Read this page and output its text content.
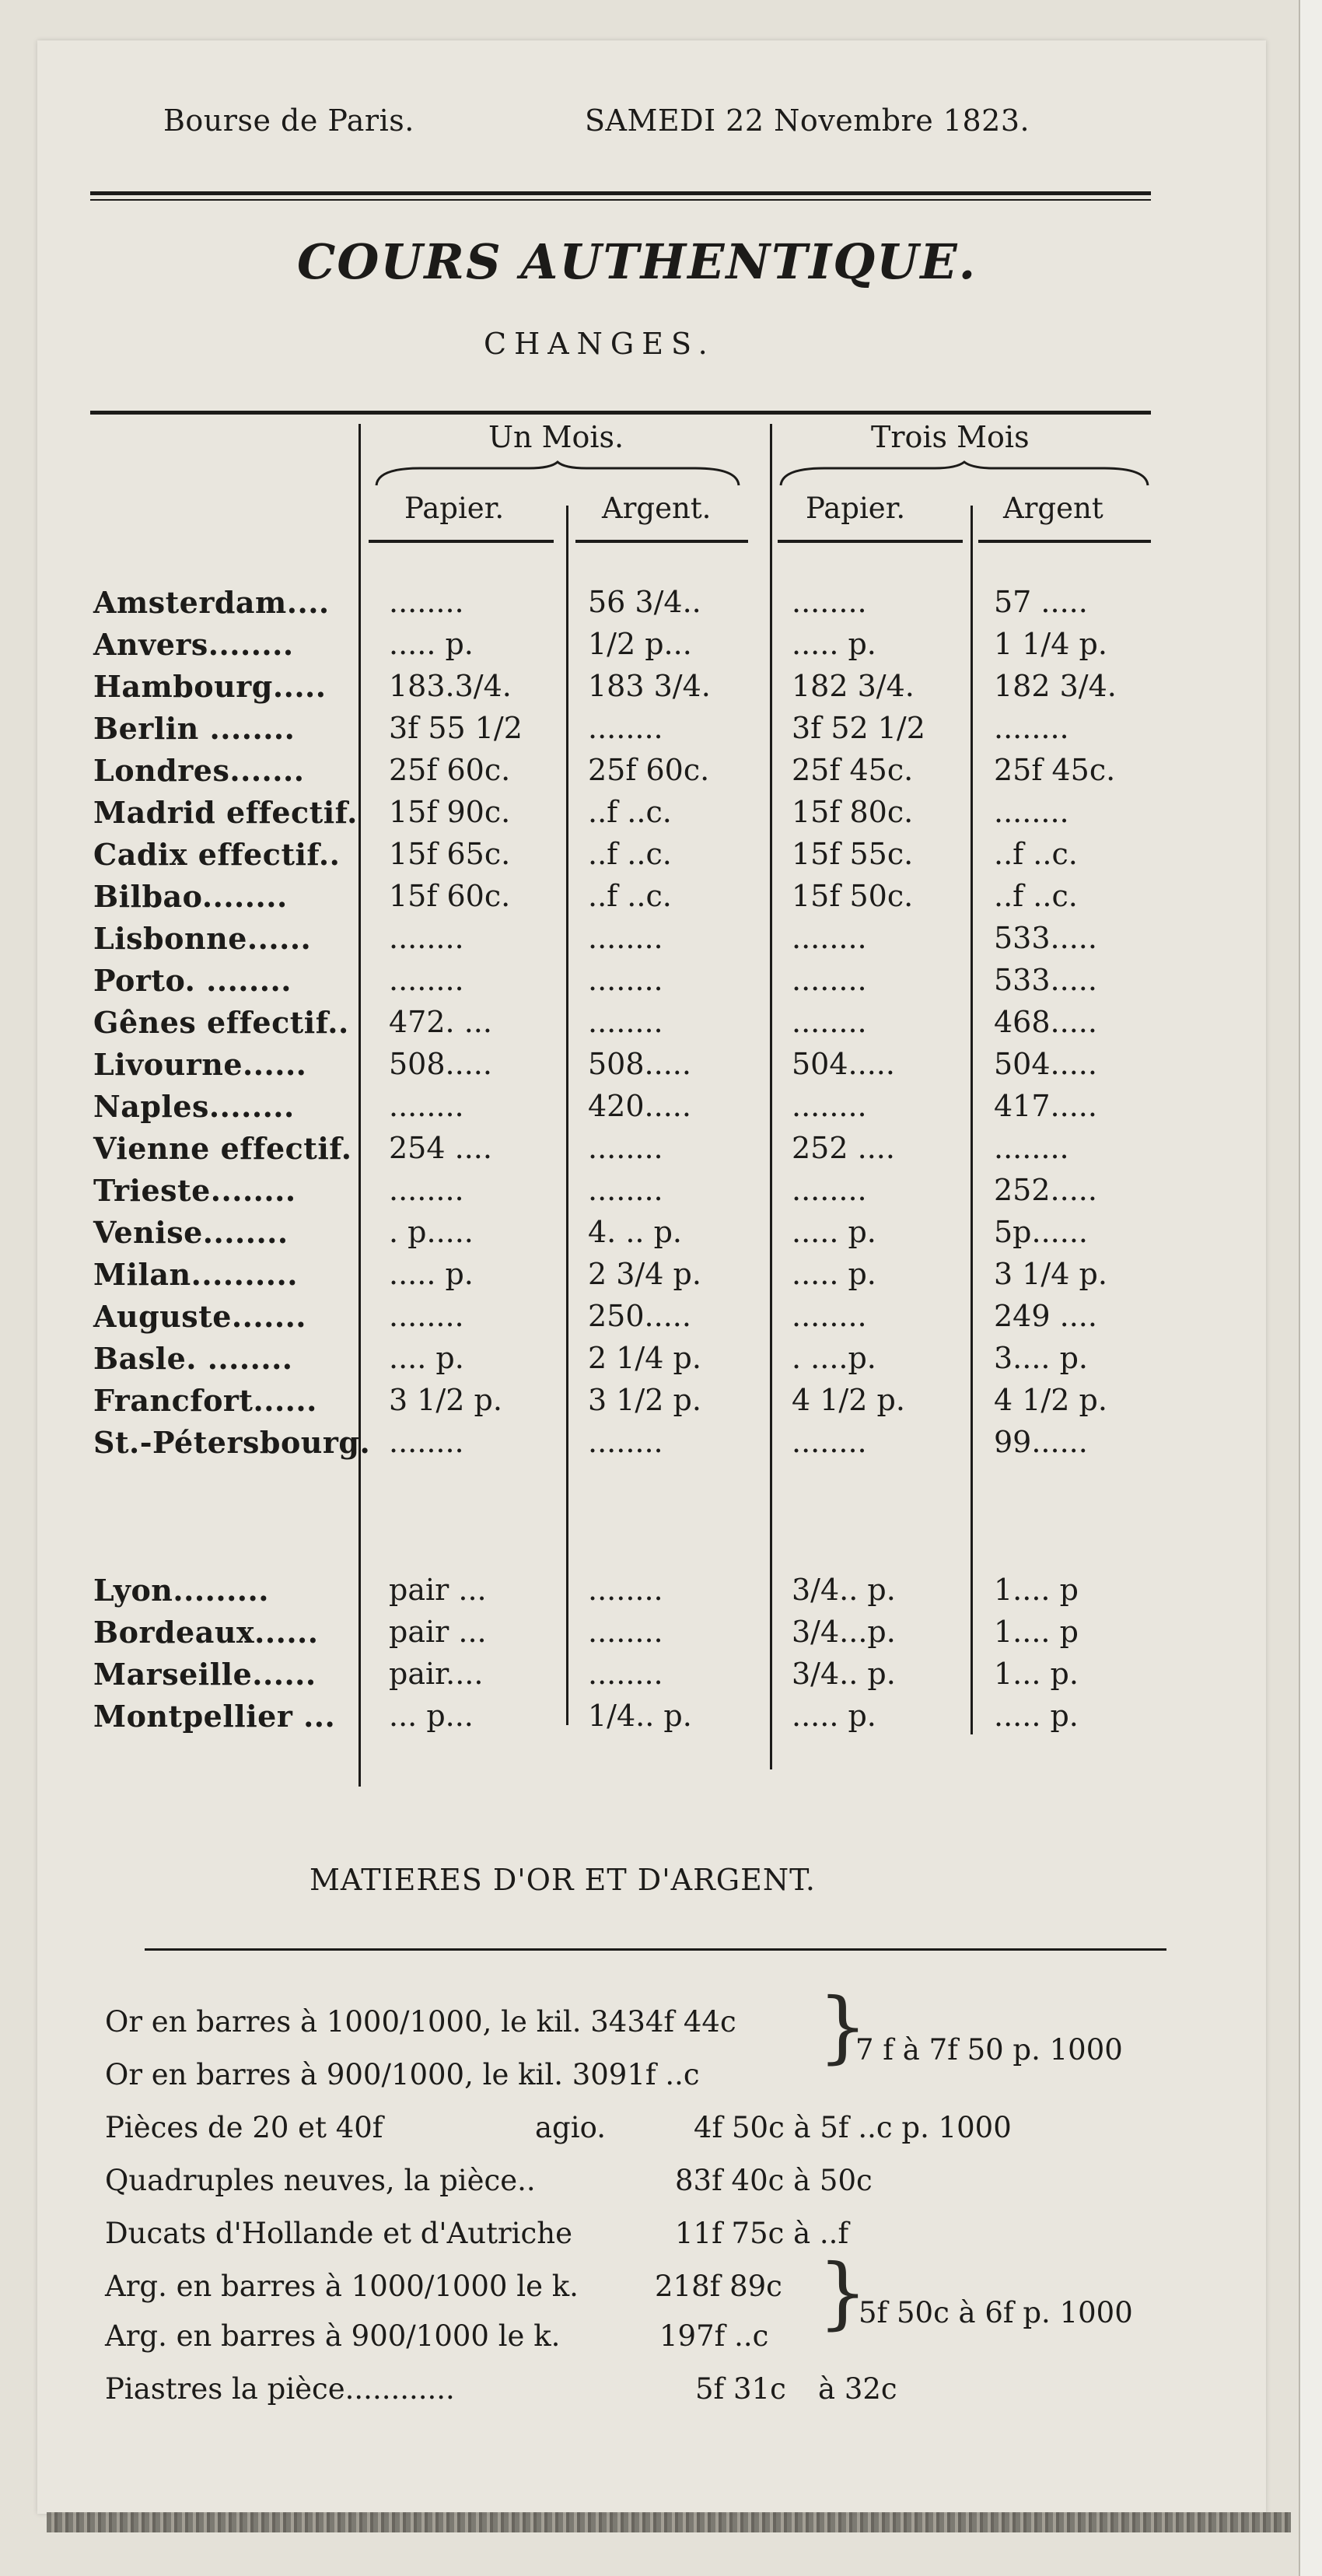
Bourse de Paris.	SAMEDI 22 Novembre 1823.
COURS AUTHENTIQUE.
CHANGES.
Un Mois.	Trois Mois
Papier.	Argent.	Papier.	Argent
Amsterdam.... ........	56 3/4..	........	57 .....
Anvers........	..... p.	1/2 p...	..... p.	1 1/4 p.
Hambourg..... 183.3/4.	183 3/4.	182 3/4.	182 3/4.
Berlin ........	3f 55 1/2 ........	3f 52 1/2 ........
Londres.......	25f 60c.	25f 60c.	25f 45c.	25f 45c.
Madrid effectif. 15f 90c.	..f ..c.	15f 80c.	........
Cadix effectif.. 15f 65c.	..f ..c.	15f 55c.	..f ..c.
Bilbao........	15f 60c.	..f ..c.	15f 50c.	..f ..c.
Lisbonne......	........	........	........	533.....
Porto. ........	........	........	........	533.....
Gênes effectif.. 472. ...	........	........	468.....
Livourne......	508.....	508.....	504.....	504.....
Naples........	........	420.....	........	417.....
Vienne effectif. 254 ....	........	252 ....	........
Trieste........	........	........	........	252.....
Venise........	. p.....	4. .. p.	..... p.	5p......
Milan..........	..... p.	2 3/4 p.	..... p.	3 1/4 p.
Auguste.......	........	250.....	........	249 ....
Basle. ........	.... p.	2 1/4 p.	. ....p.	3.... p.
Francfort...... 3 1/2 p.	3 1/2 p.	4 1/2 p.	4 1/2 p.
St.-Pétersbourg. ........	........	........	99......
Lyon.........	pair ...	........	3/4.. p.	1.... p
Bordeaux...... pair ...	........	3/4...p.	1.... p
Marseille...... pair....	........	3/4.. p.	1... p.
Montpellier ... ... p...	1/4.. p.	..... p.	..... p.
MATIERES D'OR ET D'ARGENT.
Or en barres à 1000/1000, le kil. 3434f 44c
Or en barres à 900/1000, le kil. 3091f ..c
}
7 f à 7f 50 p. 1000
Pièces de 20 et 40f	agio.	4f 50c à 5f ..c p. 1000
Quadruples neuves, la pièce..	83f 40c à 50c
Ducats d'Hollande et d'Autriche	11f 75c à ..f
Arg. en barres à 1000/1000 le k.	218f 89c
Arg. en barres à 900/1000 le k.	197f ..c }
5f 50c à 6f p. 1000
Piastres la pièce............	5f 31c à 32c
